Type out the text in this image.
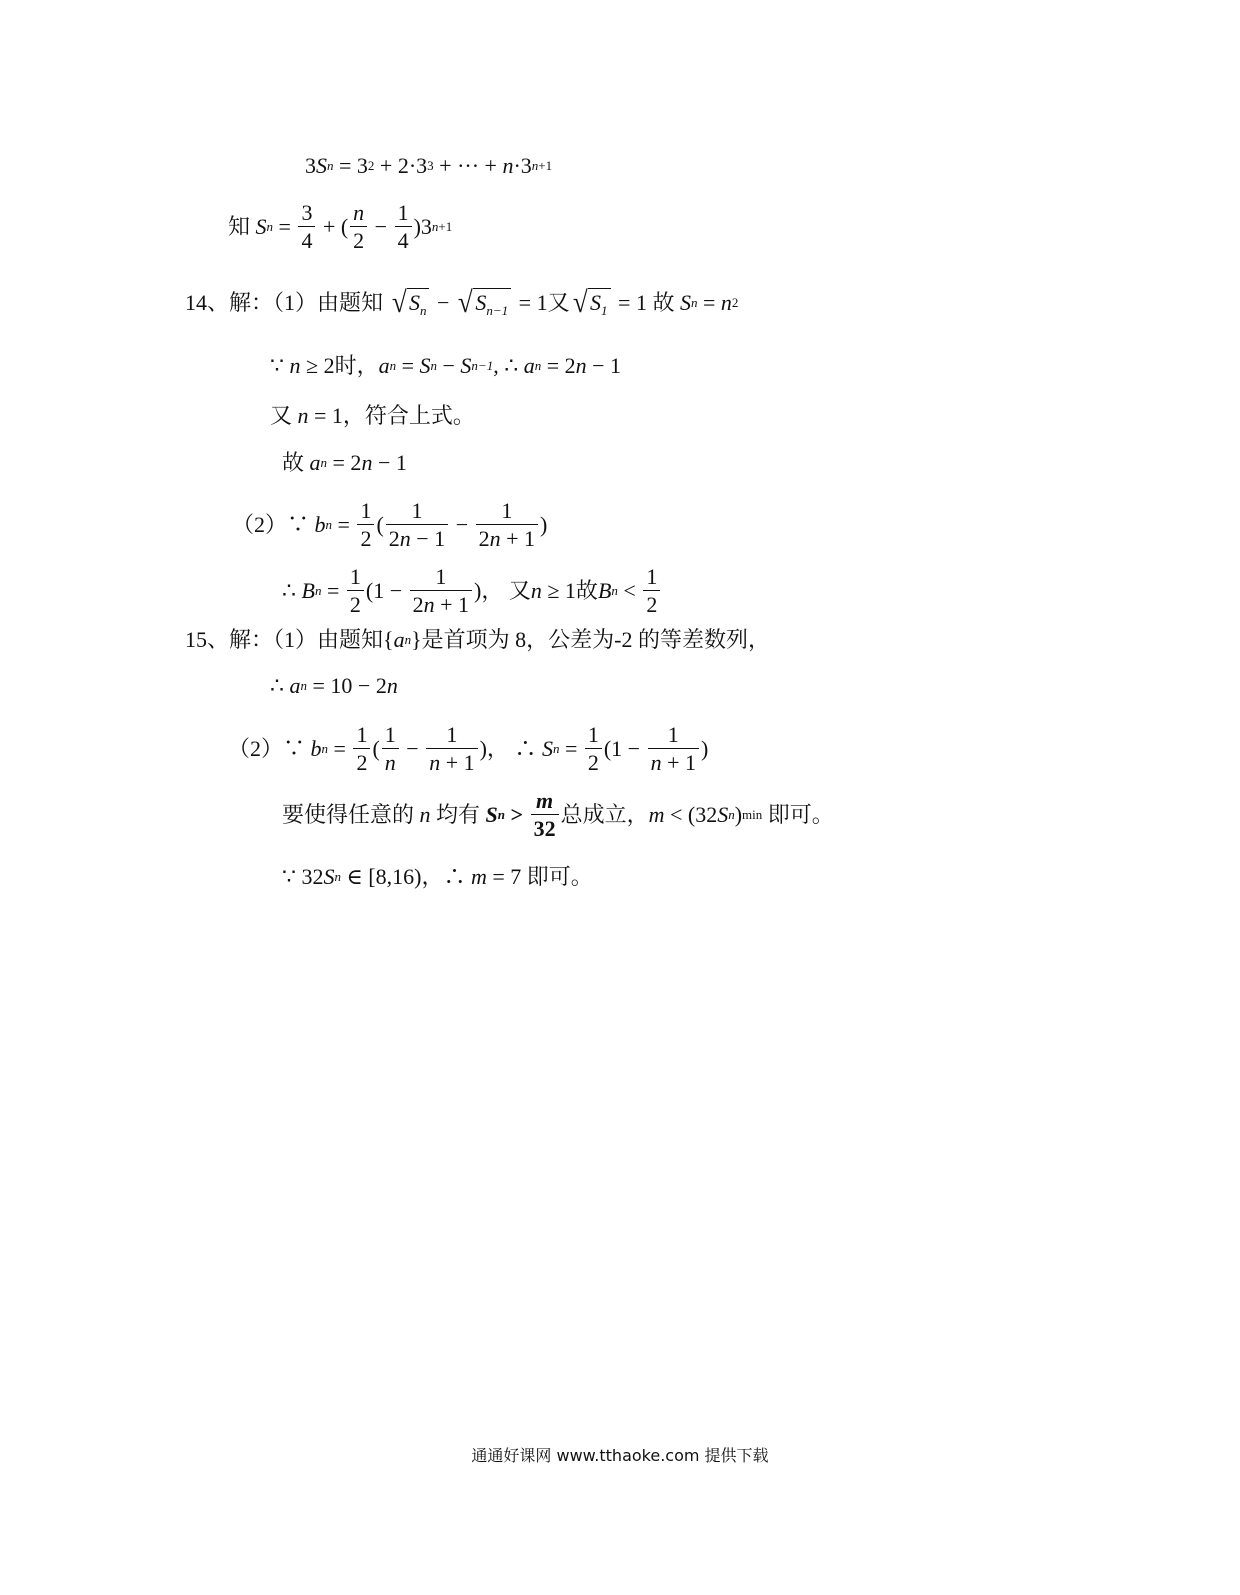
3 S n = 3 2 + 2·3 3 + ··· + n ·3 n+1
知 S $n = \frac{3}{4}$ + ( $\frac{n}{2} - \frac{1}{4} )3$ n+1
14、解：（1）由题知 √ $S_n$ − √ $S_{n-1} = 1$又 √ $S_1 = 1$ 故 S n = n 2
∵ n ≥ 2时， a n = S n − S n−1 , ∴ a n = 2 n − 1
又 n = 1，符合上式。
故 a n = 2 n − 1
（2）∵ b $n = \frac{1}{2}$ ( $\frac{1}{2n - 1} - \frac{1}{2n + 1}$ )
∴ B $n = \frac{1}{2} (1 - \frac{1}{2n + 1}$ )， 又 n ≥ 1故 B $n < \frac{1}{2}$
15、解：（1）由题知{ a n }是首项为 8，公差为-2 的等差数列，
∴ a n = 10 − 2 n
（2）∵ b $n = \frac{1}{2}$ ( $\frac{1}{n} - \frac{1}{n + 1}$ )， ∴ S $n = \frac{1}{2} (1 - \frac{1}{n + 1}$ )
要使得任意的 n 均有 S $n > \frac{m}{32}$ 总成立， m < (32 S n ) min 即可。
∵ 32 S n ∈ [8,16)，∴ m = 7 即可。
通通好课网 www.tthaoke.com 提供下载
